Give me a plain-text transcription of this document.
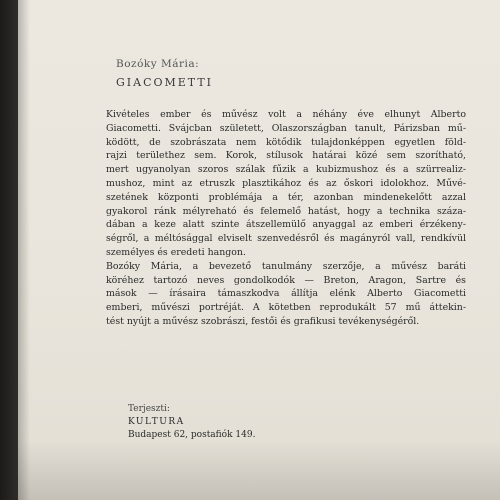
Bozóky Mária:
GIACOMETTI
Kivételes ember és művész volt a néhány éve elhunyt Alberto
Giacometti. Svájcban született, Olaszországban tanult, Párizsban mű-
ködött, de szobrászata nem kötődik tulajdonképpen egyetlen föld-
rajzi területhez sem. Korok, stílusok határai közé sem szorítható,
mert ugyanolyan szoros szálak fűzik a kubizmushoz és a szürrealiz-
mushoz, mint az etruszk plasztikához és az őskori idolokhoz. Művé-
szetének központi problémája a tér, azonban mindenekelőtt azzal
gyakorol ránk mélyreható és felemelő hatást, hogy a technika száza-
dában a keze alatt szinte átszellemülő anyaggal az emberi érzékeny-
ségről, a méltósággal elviselt szenvedésről és magányról vall, rendkívül
személyes és eredeti hangon.
Bozóky Mária, a bevezető tanulmány szerzője, a művész baráti
köréhez tartozó neves gondolkodók — Breton, Aragon, Sartre és
mások — írásaira támaszkodva állítja elénk Alberto Giacometti
emberi, művészi portréját. A kötetben reprodukált 57 mű áttekin-
tést nyújt a művész szobrászi, festői és grafikusi tevékenységéről.
Terjeszti:
KULTURA
Budapest 62, postafiók 149.
